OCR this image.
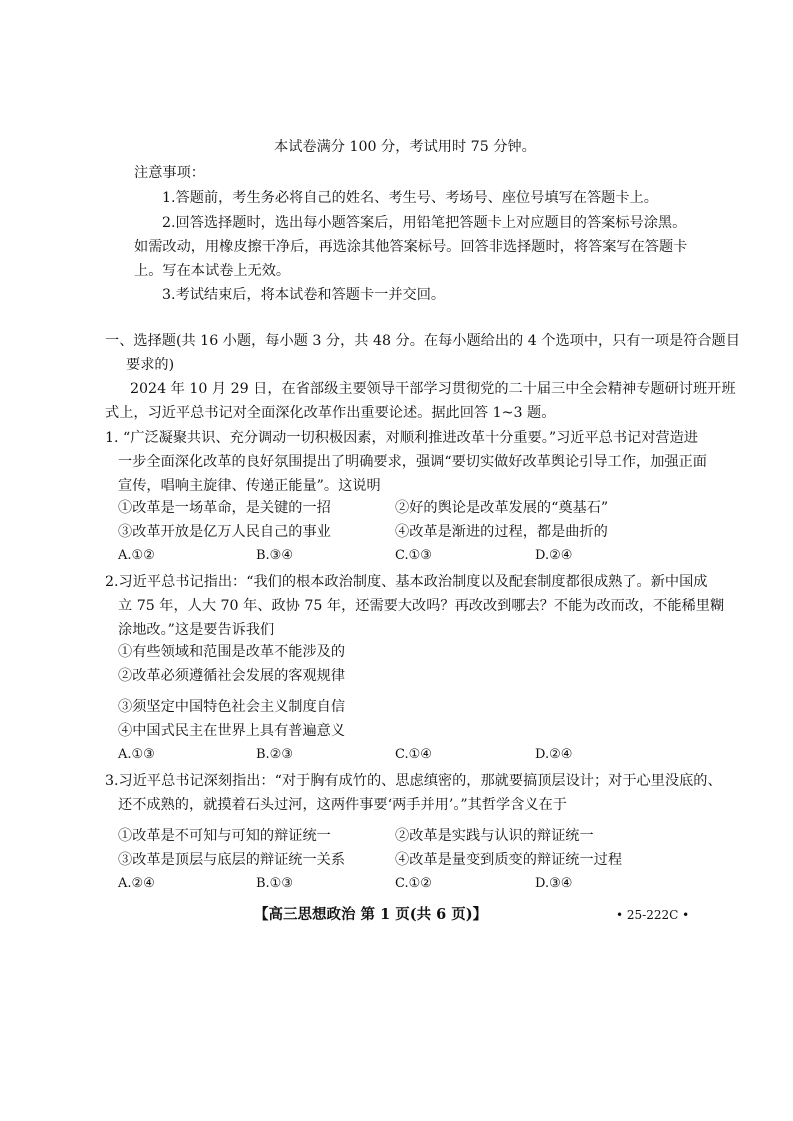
本试卷满分 100 分，考试用时 75 分钟。
注意事项：
1.答题前，考生务必将自己的姓名、考生号、考场号、座位号填写在答题卡上。
2.回答选择题时，选出每小题答案后，用铅笔把答题卡上对应题目的答案标号涂黑。
如需改动，用橡皮擦干净后，再选涂其他答案标号。回答非选择题时，将答案写在答题卡
上。写在本试卷上无效。
3.考试结束后，将本试卷和答题卡一并交回。
一、选择题(共 16 小题，每小题 3 分，共 48 分。在每小题给出的 4 个选项中，只有一项是符合题目
要求的)
2024 年 10 月 29 日，在省部级主要领导干部学习贯彻党的二十届三中全会精神专题研讨班开班
式上，习近平总书记对全面深化改革作出重要论述。据此回答 1~3 题。
1. “广泛凝聚共识、充分调动一切积极因素，对顺利推进改革十分重要。”习近平总书记对营造进
一步全面深化改革的良好氛围提出了明确要求，强调“要切实做好改革舆论引导工作，加强正面
宣传，唱响主旋律、传递正能量”。这说明
①改革是一场革命，是关键的一招	②好的舆论是改革发展的“奠基石”
③改革开放是亿万人民自己的事业	④改革是渐进的过程，都是曲折的
A.①②	B.③④	C.①③	D.②④
2.习近平总书记指出：“我们的根本政治制度、基本政治制度以及配套制度都很成熟了。新中国成
立 75 年，人大 70 年、政协 75 年，还需要大改吗？再改改到哪去？不能为改而改，不能稀里糊
涂地改。”这是要告诉我们
①有些领域和范围是改革不能涉及的
②改革必须遵循社会发展的客观规律
③须坚定中国特色社会主义制度自信
④中国式民主在世界上具有普遍意义
A.①③	B.②③	C.①④	D.②④
3.习近平总书记深刻指出：“对于胸有成竹的、思虑缜密的，那就要搞顶层设计；对于心里没底的、
还不成熟的，就摸着石头过河，这两件事要‘两手并用’。”其哲学含义在于
①改革是不可知与可知的辩证统一	②改革是实践与认识的辩证统一
③改革是顶层与底层的辩证统一关系	④改革是量变到质变的辩证统一过程
A.②④	B.①③	C.①②	D.③④
【高三思想政治 第 1 页(共 6 页)】	• 25-222C •
